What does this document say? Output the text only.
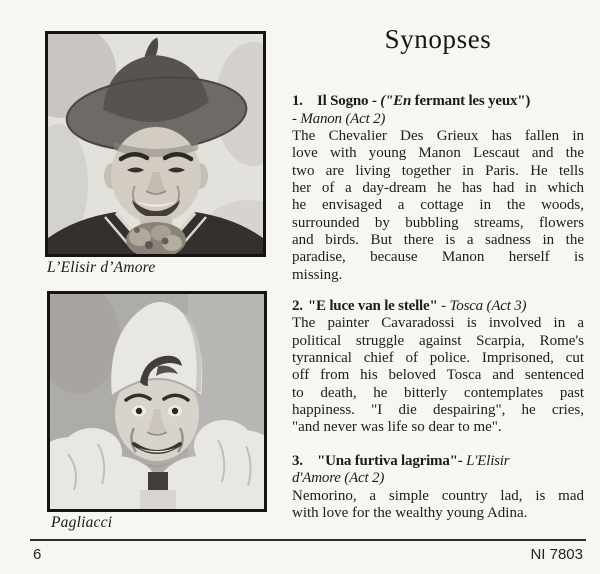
L’Elisir d’Amore
Pagliacci
Synopses
1. Il Sogno - ("En fermant les yeux")
- Manon (Act 2)
The Chevalier Des Grieux has fallen in
love with young Manon Lescaut and the
two are living together in Paris. He tells
her of a day-dream he has had in which
he envisaged a cottage in the woods,
surrounded by bubbling streams, flowers
and birds. But there is a sadness in the
paradise, because Manon herself is
missing.
2. "E luce van le stelle" - Tosca (Act 3)
The painter Cavaradossi is involved in a
political struggle against Scarpia, Rome's
tyrannical chief of police. Imprisoned, cut
off from his beloved Tosca and sentenced
to death, he bitterly contemplates past
happiness. "I die despairing", he cries,
"and never was life so dear to me".
3. "Una furtiva lagrima"- L'Elisir
d'Amore (Act 2)
Nemorino, a simple country lad, is mad
with love for the wealthy young Adina.
6	NI 7803
